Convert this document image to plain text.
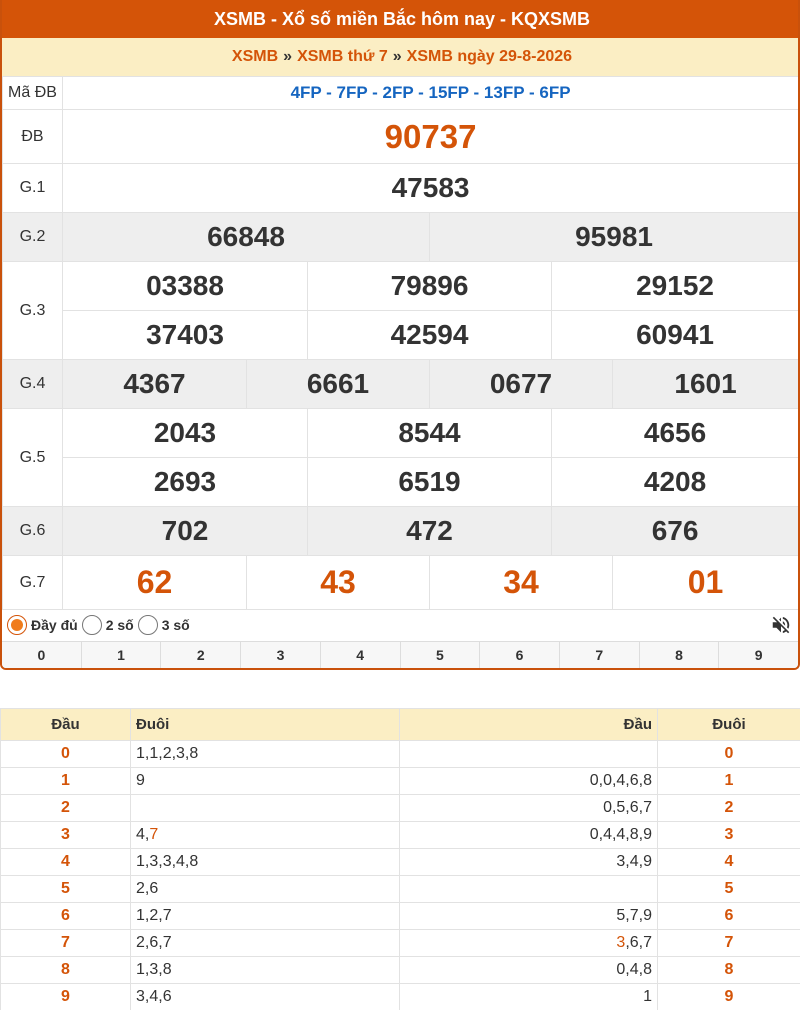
XSMB - Xổ số miền Bắc hôm nay - KQXSMB
XSMB » XSMB thứ 7 » XSMB ngày 29-8-2026
Mã ĐB	4FP - 7FP - 2FP - 15FP - 13FP - 6FP					
ĐB	90737					
G.1	47583					
G.2	66848			95981		
G.3	03388		79896		29152	
	37403		42594		60941	
G.4	4367	6661		0677		1601
G.5	2043		8544		4656	
	2693		6519		4208	
G.6	702		472		676	
G.7	62	43		34		01
Đầy đủ 2 số 3 số
0	1	2	3	4	5	6	7	8	9
Đầu	Đuôi	Đầu	Đuôi
0	1,1,2,3,8		0
1	9	0,0,4,6,8	1
2		0,5,6,7	2
3	4,7	0,4,4,8,9	3
4	1,3,3,4,8	3,4,9	4
5	2,6		5
6	1,2,7	5,7,9	6
7	2,6,7	3,6,7	7
8	1,3,8	0,4,8	8
9	3,4,6	1	9
